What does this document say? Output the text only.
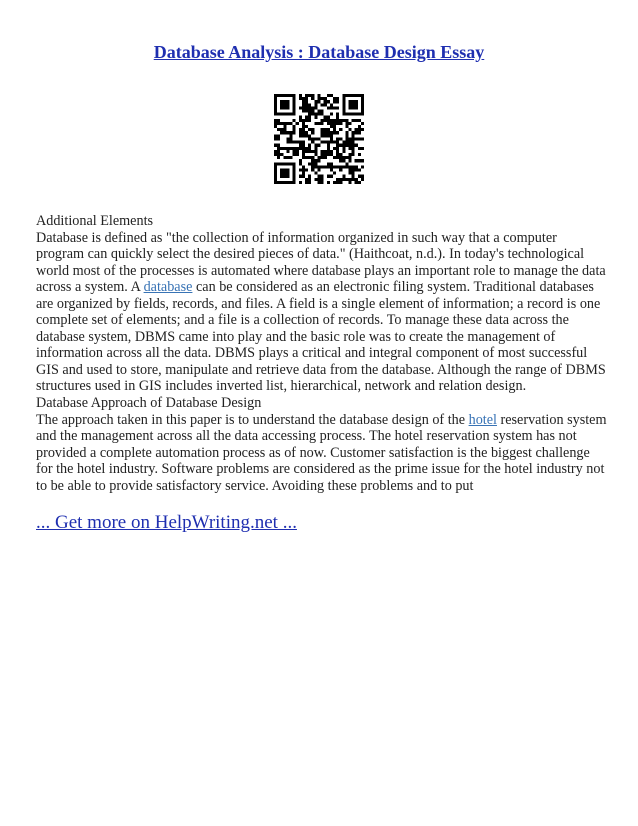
Database Analysis : Database Design Essay
Additional Elements
Database is defined as "the collection of information organized in such way that a computer
program can quickly select the desired pieces of data." (Haithcoat, n.d.). In today's technological
world most of the processes is automated where database plays an important role to manage the data
across a system. A database can be considered as an electronic filing system. Traditional databases
are organized by fields, records, and files. A field is a single element of information; a record is one
complete set of elements; and a file is a collection of records. To manage these data across the
database system, DBMS came into play and the basic role was to create the management of
information across all the data. DBMS plays a critical and integral component of most successful
GIS and used to store, manipulate and retrieve data from the database. Although the range of DBMS
structures used in GIS includes inverted list, hierarchical, network and relation design.
Database Approach of Database Design
The approach taken in this paper is to understand the database design of the hotel reservation system
and the management across all the data accessing process. The hotel reservation system has not
provided a complete automation process as of now. Customer satisfaction is the biggest challenge
for the hotel industry. Software problems are considered as the prime issue for the hotel industry not
to be able to provide satisfactory service. Avoiding these problems and to put
... Get more on HelpWriting.net ...
